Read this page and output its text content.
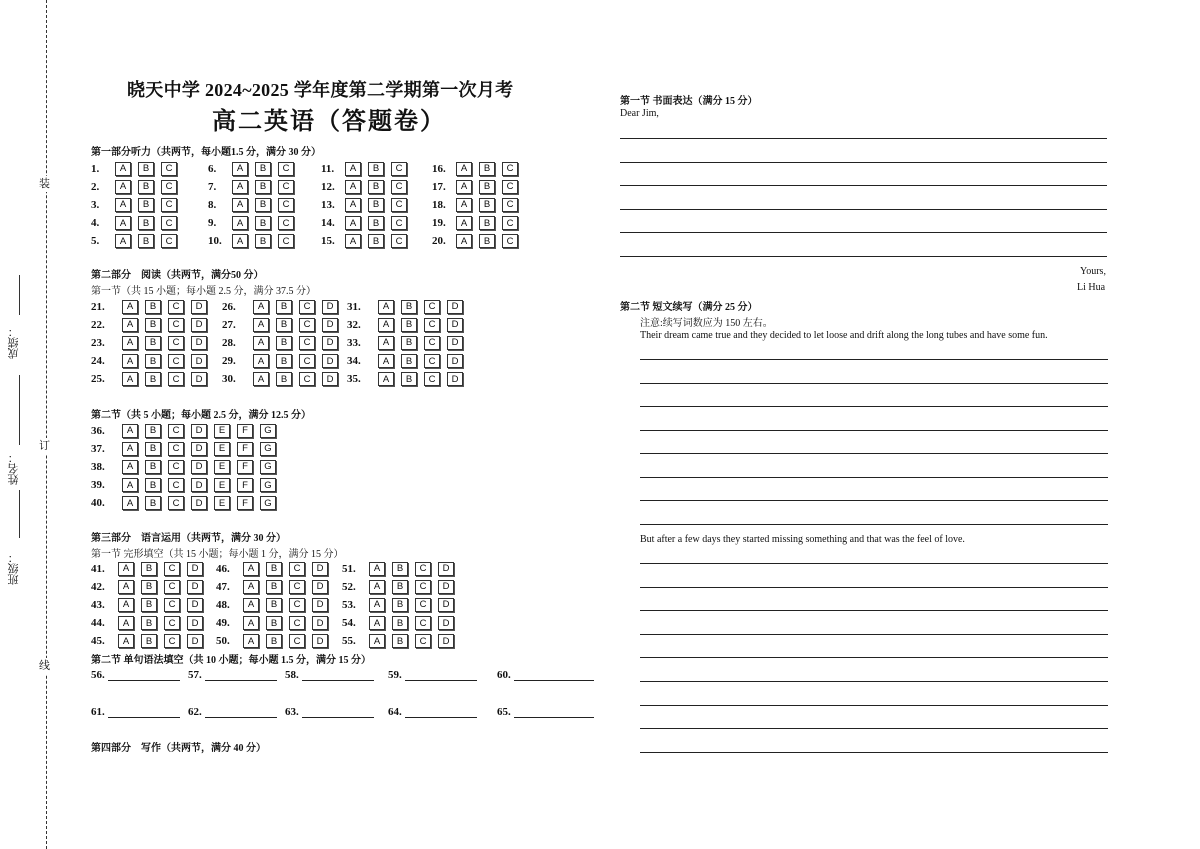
装
订
线
成绩：
姓名：
班级：
晓天中学 2024~2025 学年度第二学期第一次月考
高二英语（答题卷）
第一部分听力（共两节，每小题1.5 分，满分 30 分）
1.	A	B	C
2.	A	B	C
3.	A	B	C
4.	A	B	C
5.	A	B	C
6.	A	B	C
7.	A	B	C
8.	A	B	C
9.	A	B	C
10.	A	B	C
11.	A	B	C
12.	A	B	C
13.	A	B	C
14.	A	B	C
15.	A	B	C
16.	A	B	C
17.	A	B	C
18.	A	B	C
19.	A	B	C
20.	A	B	C
第二部分　阅读（共两节，满分50 分）
第一节（共 15 小题；每小题 2.5 分，满分 37.5 分）
21.	A	B	C	D
22.	A	B	C	D
23.	A	B	C	D
24.	A	B	C	D
25.	A	B	C	D
26.	A	B	C	D
27.	A	B	C	D
28.	A	B	C	D
29.	A	B	C	D
30.	A	B	C	D
31.	A	B	C	D
32.	A	B	C	D
33.	A	B	C	D
34.	A	B	C	D
35.	A	B	C	D
第二节（共 5 小题；每小题 2.5 分，满分 12.5 分）
36.	A	B	C	D	E	F	G
37.	A	B	C	D	E	F	G
38.	A	B	C	D	E	F	G
39.	A	B	C	D	E	F	G
40.	A	B	C	D	E	F	G
第三部分　语言运用（共两节，满分 30 分）
第一节 完形填空（共 15 小题；每小题 1 分，满分 15 分）
41.	A	B	C	D
42.	A	B	C	D
43.	A	B	C	D
44.	A	B	C	D
45.	A	B	C	D
46.	A	B	C	D
47.	A	B	C	D
48.	A	B	C	D
49.	A	B	C	D
50.	A	B	C	D
51.	A	B	C	D
52.	A	B	C	D
53.	A	B	C	D
54.	A	B	C	D
55.	A	B	C	D
第二节 单句语法填空（共 10 小题；每小题 1.5 分，满分 15 分）
56.	57.	58.	59.	60.
61.	62.	63.	64.	65.
第四部分　写作（共两节，满分 40 分）
第一节 书面表达（满分 15 分）
Dear Jim,
Yours,
Li Hua
第二节 短文续写（满分 25 分）
注意:续写词数应为 150 左右。
Their dream came true and they decided to let loose and drift along the long tubes and have some fun.
But after a few days they started missing something and that was the feel of love.
